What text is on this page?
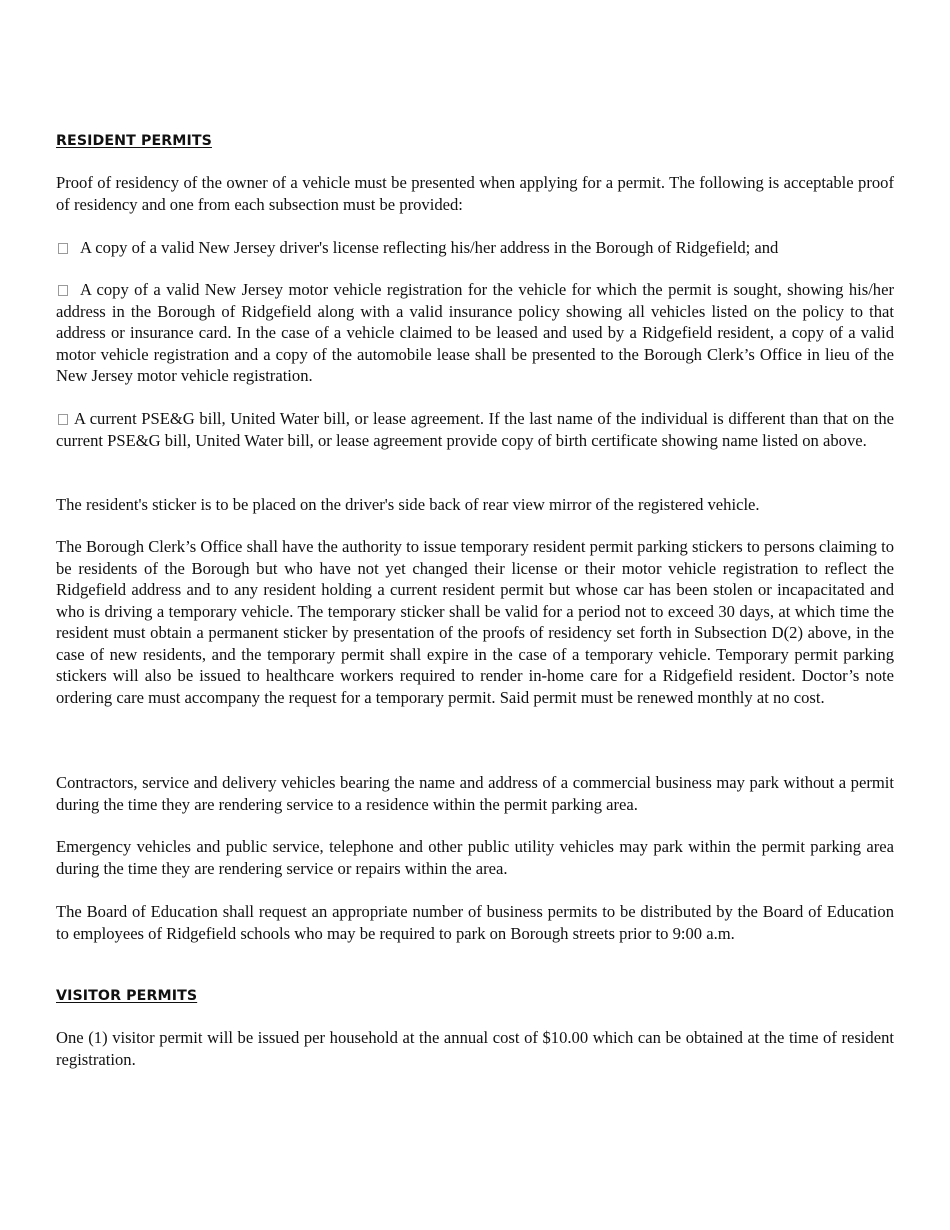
RESIDENT PERMITS

Proof of residency of the owner of a vehicle must be presented when applying for a permit. The following is acceptable proof of residency and one from each subsection must be provided:

A copy of a valid New Jersey driver's license reflecting his/her address in the Borough of Ridgefield; and

A copy of a valid New Jersey motor vehicle registration for the vehicle for which the permit is sought, showing his/her address in the Borough of Ridgefield along with a valid insurance policy showing all vehicles listed on the policy to that address or insurance card. In the case of a vehicle claimed to be leased and used by a Ridgefield resident, a copy of a valid motor vehicle registration and a copy of the automobile lease shall be presented to the Borough Clerk’s Office in lieu of the New Jersey motor vehicle registration.

A current PSE&G bill, United Water bill, or lease agreement. If the last name of the individual is different than that on the current PSE&G bill, United Water bill, or lease agreement provide copy of birth certificate showing name listed on above.

The resident's sticker is to be placed on the driver's side back of rear view mirror of the registered vehicle.

The Borough Clerk’s Office shall have the authority to issue temporary resident permit parking stickers to persons claiming to be residents of the Borough but who have not yet changed their license or their motor vehicle registration to reflect the Ridgefield address and to any resident holding a current resident permit but whose car has been stolen or incapacitated and who is driving a temporary vehicle. The temporary sticker shall be valid for a period not to exceed 30 days, at which time the resident must obtain a permanent sticker by presentation of the proofs of residency set forth in Subsection D(2) above, in the case of new residents, and the temporary permit shall expire in the case of a temporary vehicle. Temporary permit parking stickers will also be issued to healthcare workers required to render in-home care for a Ridgefield resident. Doctor’s note ordering care must accompany the request for a temporary permit. Said permit must be renewed monthly at no cost.

Contractors, service and delivery vehicles bearing the name and address of a commercial business may park without a permit during the time they are rendering service to a residence within the permit parking area.

Emergency vehicles and public service, telephone and other public utility vehicles may park within the permit parking area during the time they are rendering service or repairs within the area.

The Board of Education shall request an appropriate number of business permits to be distributed by the Board of Education to employees of Ridgefield schools who may be required to park on Borough streets prior to 9:00 a.m.

VISITOR PERMITS

One (1) visitor permit will be issued per household at the annual cost of $10.00 which can be obtained at the time of resident registration.
